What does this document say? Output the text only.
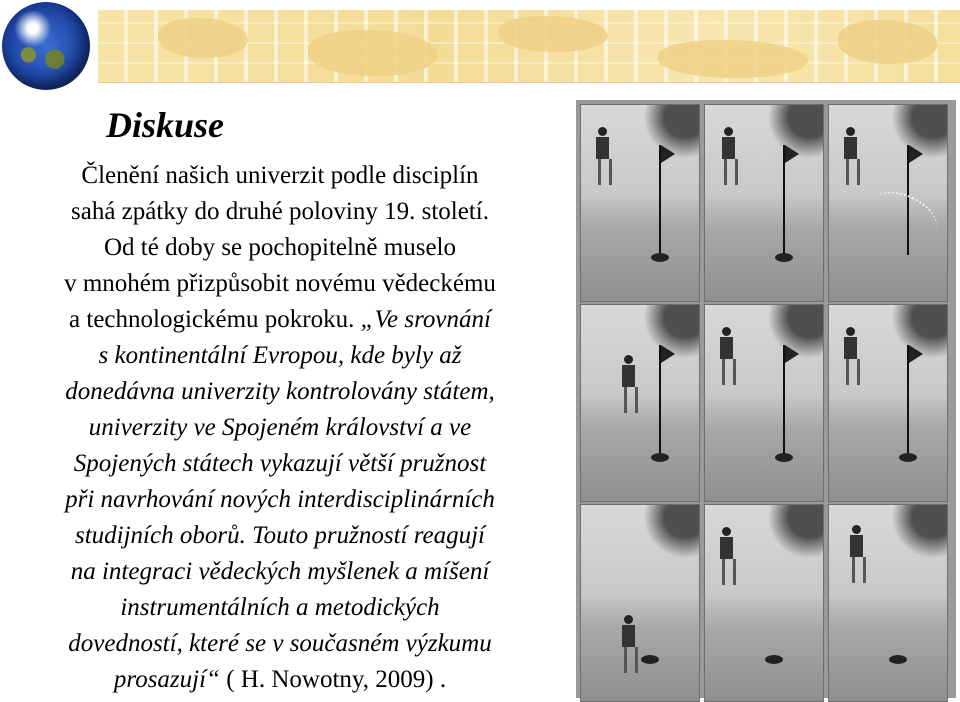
Diskuse
Členění našich univerzit podle disciplín
sahá zpátky do druhé poloviny 19. století.
Od té doby se pochopitelně muselo
v mnohém přizpůsobit novému vědeckému
a technologickému pokroku. „Ve srovnání
s kontinentální Evropou, kde byly až
donedávna univerzity kontrolovány státem,
univerzity ve Spojeném království a ve
Spojených státech vykazují větší pružnost
při navrhování nových interdisciplinárních
studijních oborů. Touto pružností reagují
na integraci vědeckých myšlenek a míšení
instrumentálních a metodických
dovedností, které se v současném výzkumu
prosazují“ ( H. Nowotny, 2009) .
